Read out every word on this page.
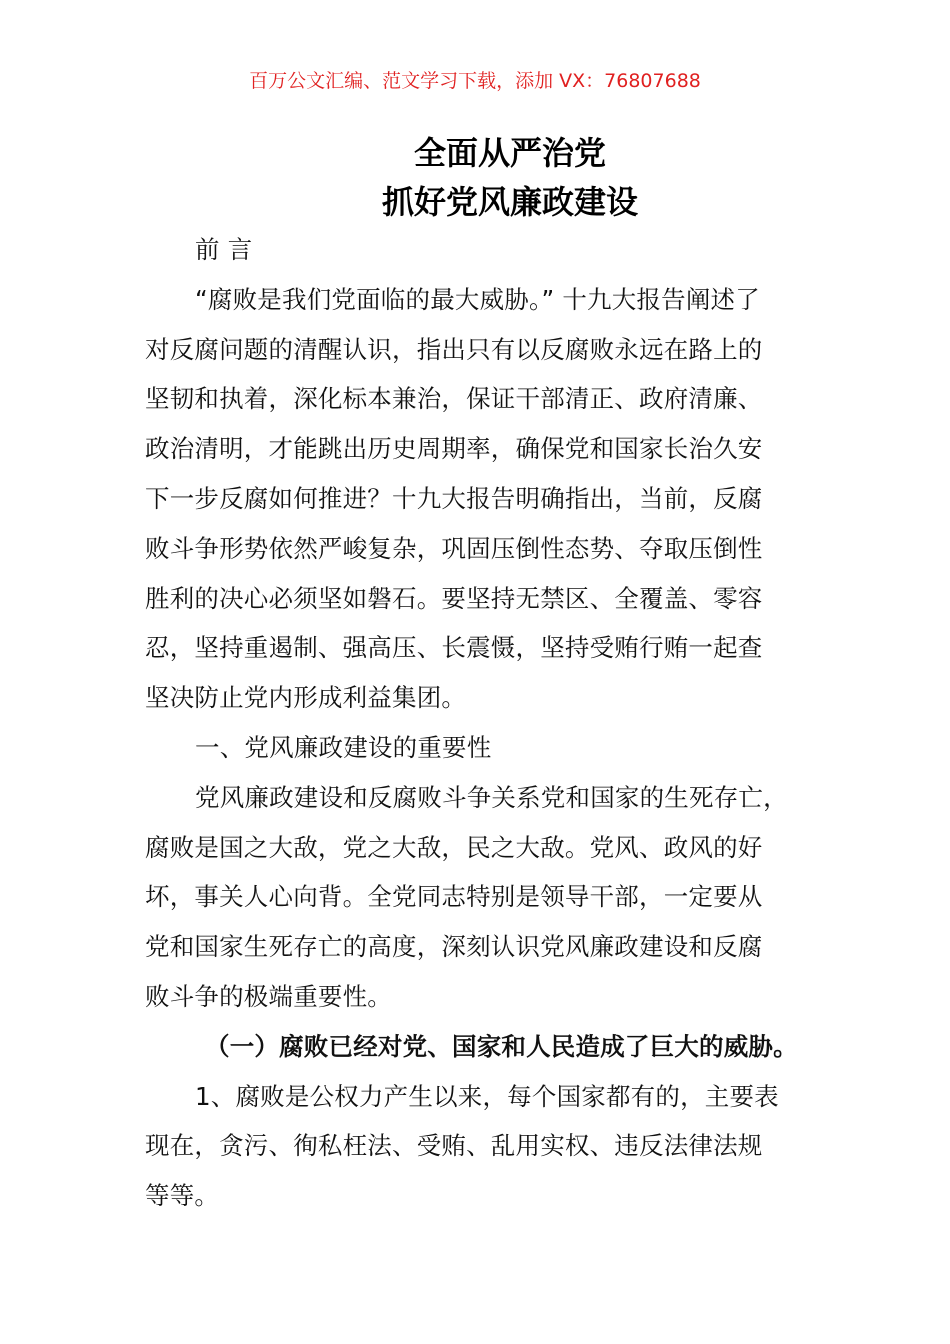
百万公文汇编、范文学习下载，添加 VX：76807688
全面从严治党
抓好党风廉政建设
前 言
“腐败是我们党面临的最大威胁。” 十九大报告阐述了
对反腐问题的清醒认识，指出只有以反腐败永远在路上的
坚韧和执着，深化标本兼治，保证干部清正、政府清廉、
政治清明，才能跳出历史周期率，确保党和国家长治久安
下一步反腐如何推进？十九大报告明确指出，当前，反腐
败斗争形势依然严峻复杂，巩固压倒性态势、夺取压倒性
胜利的决心必须坚如磐石。要坚持无禁区、全覆盖、零容
忍，坚持重遏制、强高压、长震慑，坚持受贿行贿一起查
坚决防止党内形成利益集团。
一、党风廉政建设的重要性
党风廉政建设和反腐败斗争关系党和国家的生死存亡，
腐败是国之大敌，党之大敌，民之大敌。党风、政风的好
坏，事关人心向背。全党同志特别是领导干部，一定要从
党和国家生死存亡的高度，深刻认识党风廉政建设和反腐
败斗争的极端重要性。
（一）腐败已经对党、国家和人民造成了巨大的威胁。
1、腐败是公权力产生以来，每个国家都有的，主要表
现在，贪污、徇私枉法、受贿、乱用实权、违反法律法规
等等。
